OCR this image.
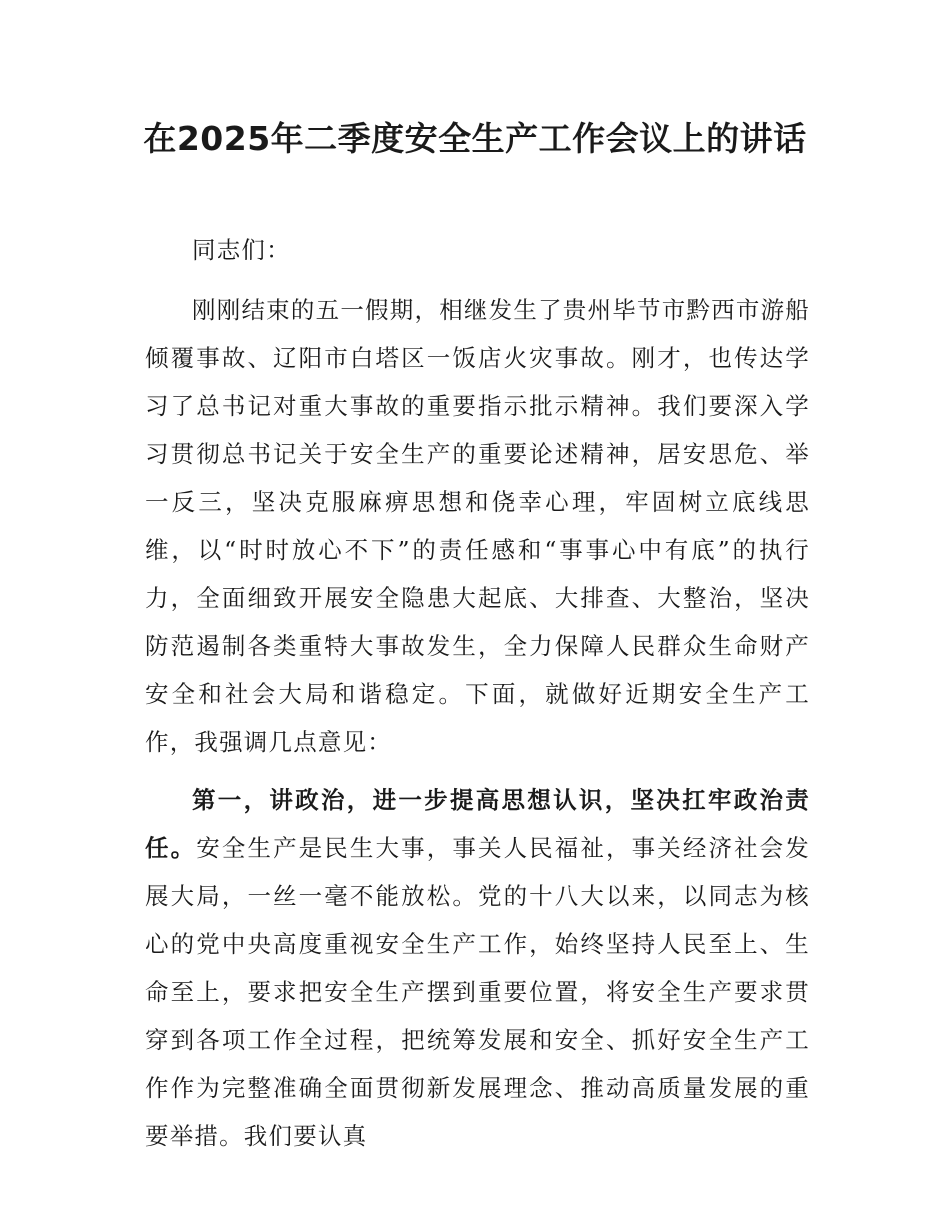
在2025年二季度安全生产工作会议上的讲话

同志们：

刚刚结束的五一假期，相继发生了贵州毕节市黔西市游船倾覆事故、辽阳市白塔区一饭店火灾事故。刚才，也传达学习了总书记对重大事故的重要指示批示精神。我们要深入学习贯彻总书记关于安全生产的重要论述精神，居安思危、举一反三，坚决克服麻痹思想和侥幸心理，牢固树立底线思维，以“时时放心不下”的责任感和“事事心中有底”的执行力，全面细致开展安全隐患大起底、大排查、大整治，坚决防范遏制各类重特大事故发生，全力保障人民群众生命财产安全和社会大局和谐稳定。下面，就做好近期安全生产工作，我强调几点意见：

第一，讲政治，进一步提高思想认识，坚决扛牢政治责任。安全生产是民生大事，事关人民福祉，事关经济社会发展大局，一丝一毫不能放松。党的十八大以来，以同志为核心的党中央高度重视安全生产工作，始终坚持人民至上、生命至上，要求把安全生产摆到重要位置，将安全生产要求贯穿到各项工作全过程，把统筹发展和安全、抓好安全生产工作作为完整准确全面贯彻新发展理念、推动高质量发展的重要举措。我们要认真
